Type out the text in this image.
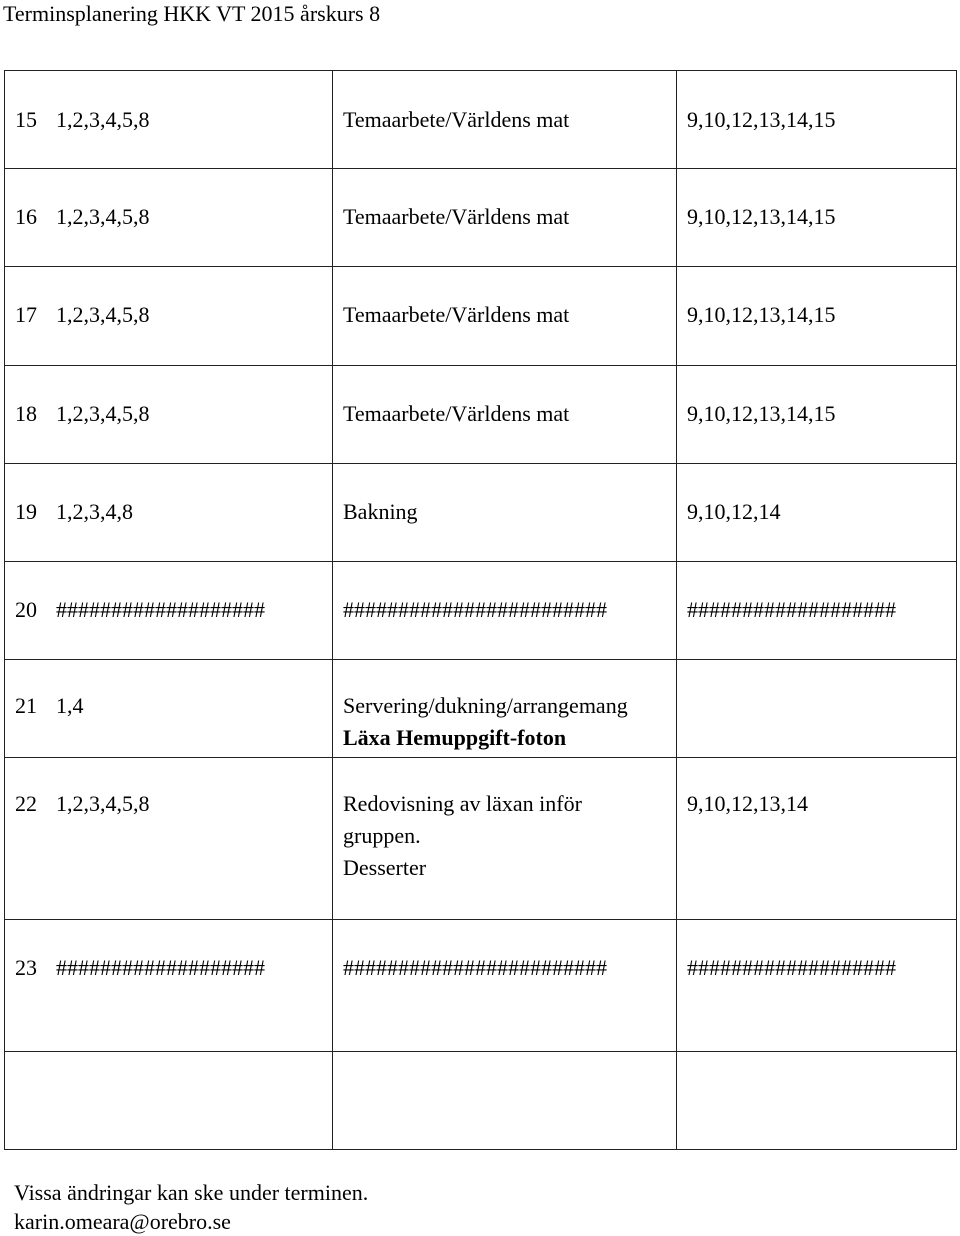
Terminsplanering HKK VT 2015 årskurs 8
15 1,2,3,4,5,8	Temaarbete/Världens mat	9,10,12,13,14,15

16 1,2,3,4,5,8	Temaarbete/Världens mat	9,10,12,13,14,15

17 1,2,3,4,5,8	Temaarbete/Världens mat	9,10,12,13,14,15

18 1,2,3,4,5,8	Temaarbete/Världens mat	9,10,12,13,14,15

19 1,2,3,4,8	Bakning	9,10,12,14

20 ###################	########################	###################

21 1,4	Servering/dukning/arrangemang
Läxa Hemuppgift-foton	

22 1,2,3,4,5,8	Redovisning av läxan inför
gruppen.
Desserter	9,10,12,13,14

23 ###################	########################	###################

Vissa ändringar kan ske under terminen.
karin.omeara@orebro.se
